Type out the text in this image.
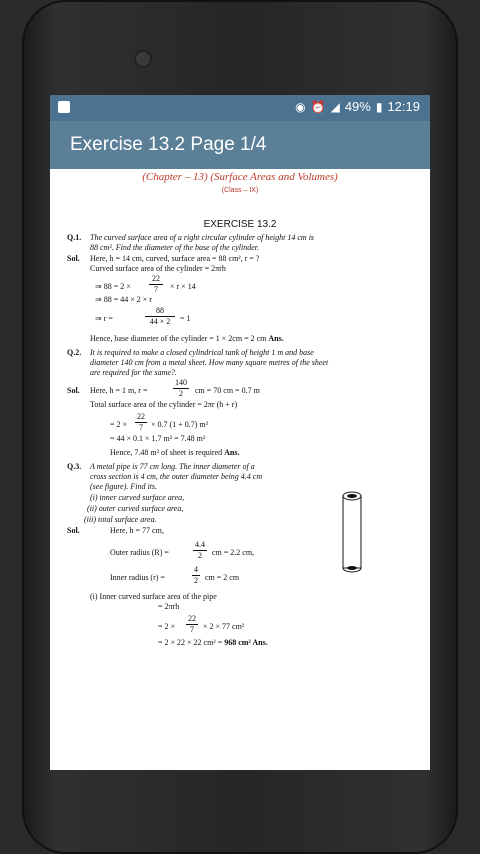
◉ ⏰ ◢ 49% ▮ 12:19
Exercise 13.2 Page 1/4
(Chapter – 13) (Surface Areas and Volumes)
(Class – IX)
EXERCISE 13.2
Q.1. The curved surface area of a right circular cylinder of height 14 cm is
88 cm². Find the diameter of the base of the cylinder.
Sol. Here, h = 14 cm, curved, surface area = 88 cm², r = ?
Curved surface area of the cylinder = 2πrh
⇒ 88 = 2 ×
22
7	× r × 14
⇒ 88 = 44 × 2 × r
⇒ r =
88
44 × 2	= 1
Hence, base diameter of the cylinder = 1 × 2cm = 2 cm Ans.
Q.2. It is required to make a closed cylindrical tank of height 1 m and base
diameter 140 cm from a metal sheet. How many square metres of the sheet
are required for the same?.
Sol. Here, h = 1 m, r =
140
2	cm = 70 cm = 0.7 m
Total surface area of the cylinder = 2πr (h + r)
= 2 ×
22
7	× 0.7 (1 + 0.7) m²
= 44 × 0.1 × 1.7 m² = 7.48 m²
Hence, 7.48 m² of sheet is required Ans.
Q.3. A metal pipe is 77 cm long. The inner diameter of a
cross section is 4 cm, the outer diameter being 4.4 cm
(see figure). Find its.
(i) inner curved surface area,
(ii) outer curved surface area,
(iii) total surface area.
Sol.	Here, h = 77 cm,
Outer radius (R) =
4.4
2	cm = 2.2 cm,
Inner radius (r) =
4
2 cm = 2 cm
(i) Inner curved surface area of the pipe
= 2πrh
= 2 ×
22
7	× 2 × 77 cm²
= 2 × 22 × 22 cm² = 968 cm² Ans.
